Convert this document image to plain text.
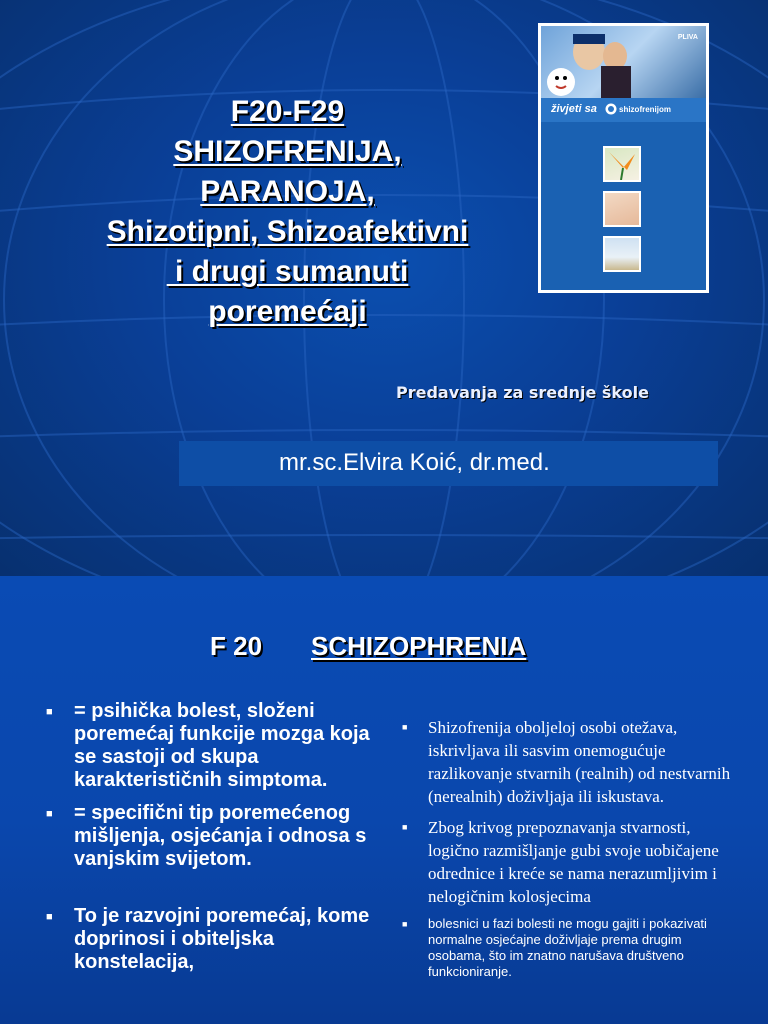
F20-F29
SHIZOFRENIJA,
PARANOJA,
Shizotipni, Shizoafektivni
i drugi sumanuti
poremećaji
PLIVA
živjeti sa	shizofrenijom
Predavanja za srednje škole
mr.sc.Elvira Koić, dr.med.
F 20 SCHIZOPHRENIA
■ = psihička bolest, složeni poremećaj funkcije mozga koja se sastoji od skupa karakterističnih simptoma.
■ = specifični tip poremećenog mišljenja, osjećanja i odnosa s vanjskim svijetom.
■ To je razvojni poremećaj, kome doprinosi i obiteljska konstelacija,
■ Shizofrenija oboljeloj osobi otežava, iskrivljava ili sasvim onemogućuje razlikovanje stvarnih (realnih) od nestvarnih (nerealnih) doživljaja ili iskustava.
■ Zbog krivog prepoznavanja stvarnosti, logično razmišljanje gubi svoje uobičajene odrednice i kreće se nama nerazumljivim i nelogičnim kolosjecima
■ bolesnici u fazi bolesti ne mogu gajiti i pokazivati normalne osjećajne doživljaje prema drugim osobama, što im znatno narušava društveno funkcioniranje.
